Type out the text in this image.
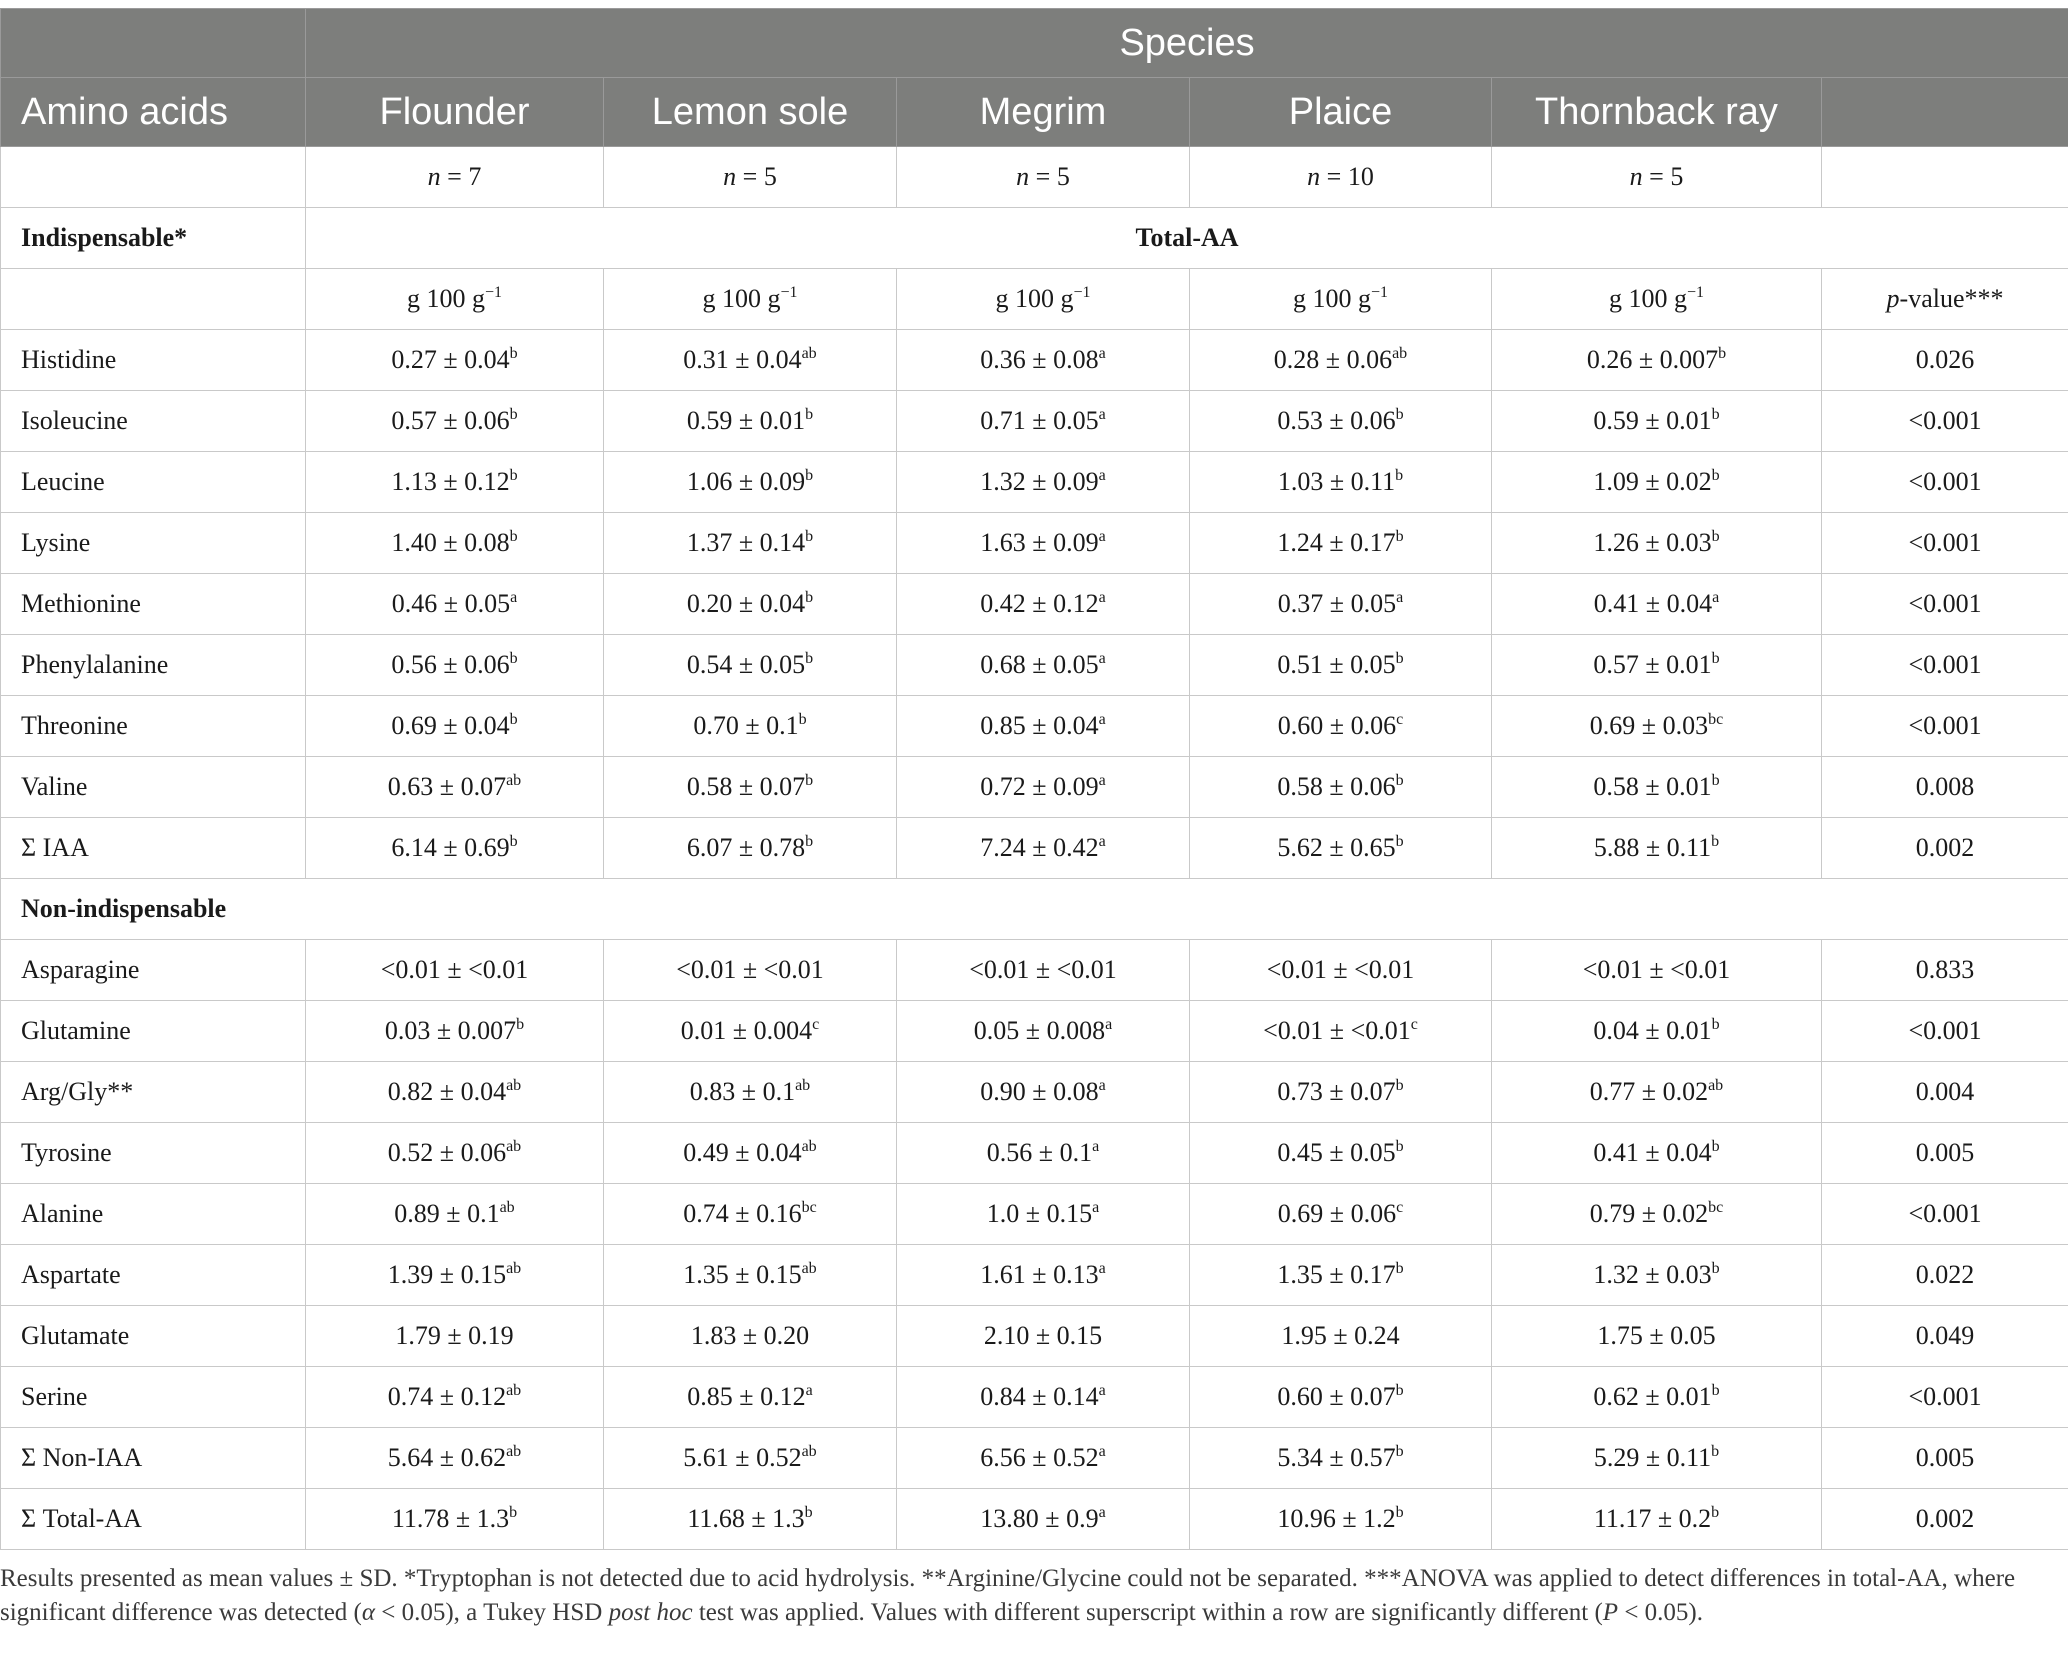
	Species					
Amino acids	Flounder	Lemon sole	Megrim	Plaice	Thornback ray	
	n = 7	n = 5	n = 5	n = 10	n = 5	
Indispensable*	Total-AA					
	g 100 $g^{-1}$	g 100 $g^{-1}$	g 100 $g^{-1}$	g 100 $g^{-1}$	g 100 $g^{-1}$	p-value***
Histidine	0.27 ± 0.04$^b$	0.31 ± 0.04$^{ab}$	0.36 ± 0.08$^a$	0.28 ± 0.06$^{ab}$	0.26 ± 0.007$^b$	0.026
Isoleucine	0.57 ± 0.06$^b$	0.59 ± 0.01$^b$	0.71 ± 0.05$^a$	0.53 ± 0.06$^b$	0.59 ± 0.01$^b$	<0.001
Leucine	1.13 ± 0.12$^b$	1.06 ± 0.09$^b$	1.32 ± 0.09$^a$	1.03 ± 0.11$^b$	1.09 ± 0.02$^b$	<0.001
Lysine	1.40 ± 0.08$^b$	1.37 ± 0.14$^b$	1.63 ± 0.09$^a$	1.24 ± 0.17$^b$	1.26 ± 0.03$^b$	<0.001
Methionine	0.46 ± 0.05$^a$	0.20 ± 0.04$^b$	0.42 ± 0.12$^a$	0.37 ± 0.05$^a$	0.41 ± 0.04$^a$	<0.001
Phenylalanine	0.56 ± 0.06$^b$	0.54 ± 0.05$^b$	0.68 ± 0.05$^a$	0.51 ± 0.05$^b$	0.57 ± 0.01$^b$	<0.001
Threonine	0.69 ± 0.04$^b$	0.70 ± 0.1$^b$	0.85 ± 0.04$^a$	0.60 ± 0.06$^c$	0.69 ± 0.03$^{bc}$	<0.001
Valine	0.63 ± 0.07$^{ab}$	0.58 ± 0.07$^b$	0.72 ± 0.09$^a$	0.58 ± 0.06$^b$	0.58 ± 0.01$^b$	0.008
Σ IAA	6.14 ± 0.69$^b$	6.07 ± 0.78$^b$	7.24 ± 0.42$^a$	5.62 ± 0.65$^b$	5.88 ± 0.11$^b$	0.002
Non-indispensable						
Asparagine	<0.01 ± <0.01	<0.01 ± <0.01	<0.01 ± <0.01	<0.01 ± <0.01	<0.01 ± <0.01	0.833
Glutamine	0.03 ± 0.007$^b$	0.01 ± 0.004$^c$	0.05 ± 0.008$^a$	<0.01 ± <0.01$^c$	0.04 ± 0.01$^b$	<0.001
Arg/Gly**	0.82 ± 0.04$^{ab}$	0.83 ± 0.1$^{ab}$	0.90 ± 0.08$^a$	0.73 ± 0.07$^b$	0.77 ± 0.02$^{ab}$	0.004
Tyrosine	0.52 ± 0.06$^{ab}$	0.49 ± 0.04$^{ab}$	0.56 ± 0.1$^a$	0.45 ± 0.05$^b$	0.41 ± 0.04$^b$	0.005
Alanine	0.89 ± 0.1$^{ab}$	0.74 ± 0.16$^{bc}$	1.0 ± 0.15$^a$	0.69 ± 0.06$^c$	0.79 ± 0.02$^{bc}$	<0.001
Aspartate	1.39 ± 0.15$^{ab}$	1.35 ± 0.15$^{ab}$	1.61 ± 0.13$^a$	1.35 ± 0.17$^b$	1.32 ± 0.03$^b$	0.022
Glutamate	1.79 ± 0.19	1.83 ± 0.20	2.10 ± 0.15	1.95 ± 0.24	1.75 ± 0.05	0.049
Serine	0.74 ± 0.12$^{ab}$	0.85 ± 0.12$^a$	0.84 ± 0.14$^a$	0.60 ± 0.07$^b$	0.62 ± 0.01$^b$	<0.001
Σ Non-IAA	5.64 ± 0.62$^{ab}$	5.61 ± 0.52$^{ab}$	6.56 ± 0.52$^a$	5.34 ± 0.57$^b$	5.29 ± 0.11$^b$	0.005
Σ Total-AA	11.78 ± 1.3$^b$	11.68 ± 1.3$^b$	13.80 ± 0.9$^a$	10.96 ± 1.2$^b$	11.17 ± 0.2$^b$	0.002
Results presented as mean values ± SD. *Tryptophan is not detected due to acid hydrolysis. **Arginine/Glycine could not be separated. ***ANOVA was applied to detect differences in total-AA, where significant difference was detected (α < 0.05), a Tukey HSD post hoc test was applied. Values with different superscript within a row are significantly different (P < 0.05).
